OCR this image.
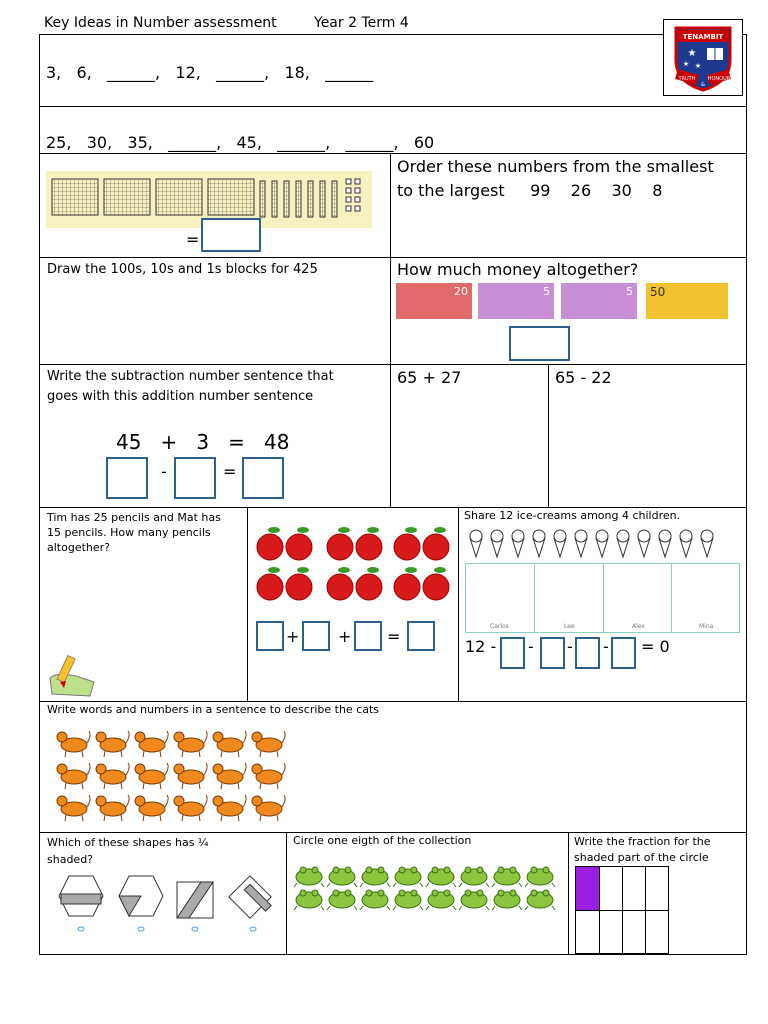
Key Ideas in Number assessment	Year 2 Term 4
TENAMBIT
★
★ ★
TRUTH
&
HONOUR
3,   6,   ______,   12,   ______,   18,   ______
25,   30,   35,   ______,   45,   ______,   ______,   60
=
Order these numbers from the smallest
to the largest     99    26    30    8
Draw the 100s, 10s and 1s blocks for 425	How much money altogether?
20	5	5 50
Write the subtraction number sentence that
goes with this addition number sentence
45   +   3   =   48
-	=
65 + 27	65 - 22
Tim has 25 pencils and Mat has
15 pencils. How many pencils
altogether?
+ + =
Share 12 ice-creams among 4 children.
Carlos	Lee	Alex	Mina
12 - - - - = 0
Write words and numbers in a sentence to describe the cats
Which of these shapes has ¼
shaded?
Circle one eigth of the collection	Write the fraction for the
shaded part of the circle
